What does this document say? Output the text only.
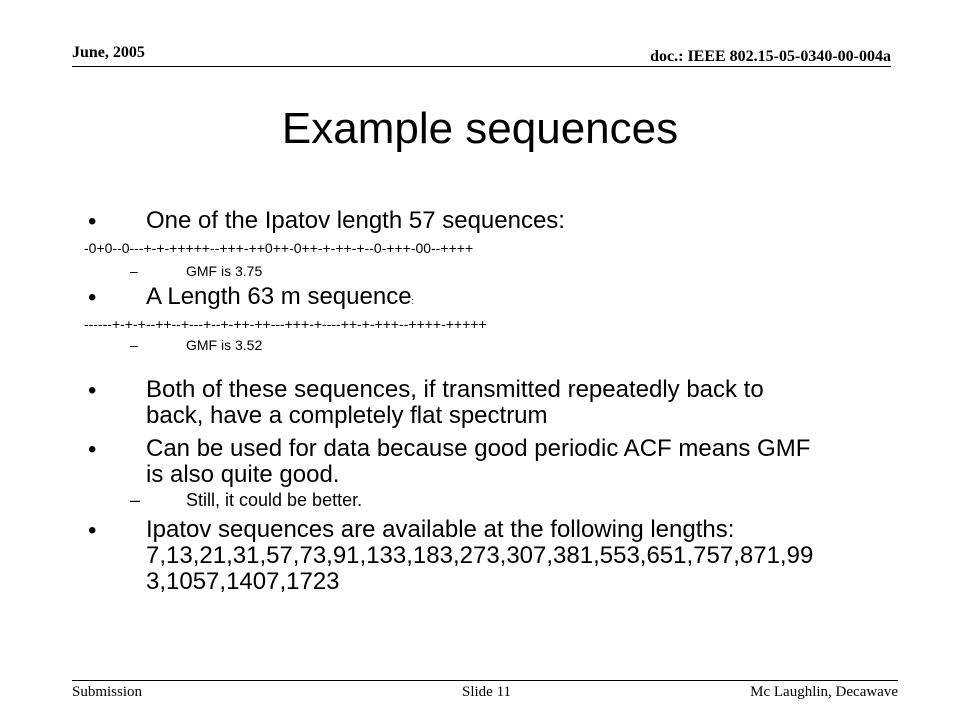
June, 2005	doc.: IEEE 802.15-05-0340-00-004a
Example sequences
• One of the Ipatov length 57 sequences:
-0+0--0---+-+-+++++--+++-++0++-0++-+-++-+--0-+++-00--++++
–	GMF is 3.75
• A Length 63 m sequence:
------+-+-+--++--+---+--+-++-++---+++-+----++-+-+++--++++-+++++
–	GMF is 3.52
• Both of these sequences, if transmitted repeatedly back to
back, have a completely flat spectrum
• Can be used for data because good periodic ACF means GMF
is also quite good.
–	Still, it could be better.
• Ipatov sequences are available at the following lengths:
7,13,21,31,57,73,91,133,183,273,307,381,553,651,757,871,99
3,1057,1407,1723
Submission	Slide 11	Mc Laughlin, Decawave
